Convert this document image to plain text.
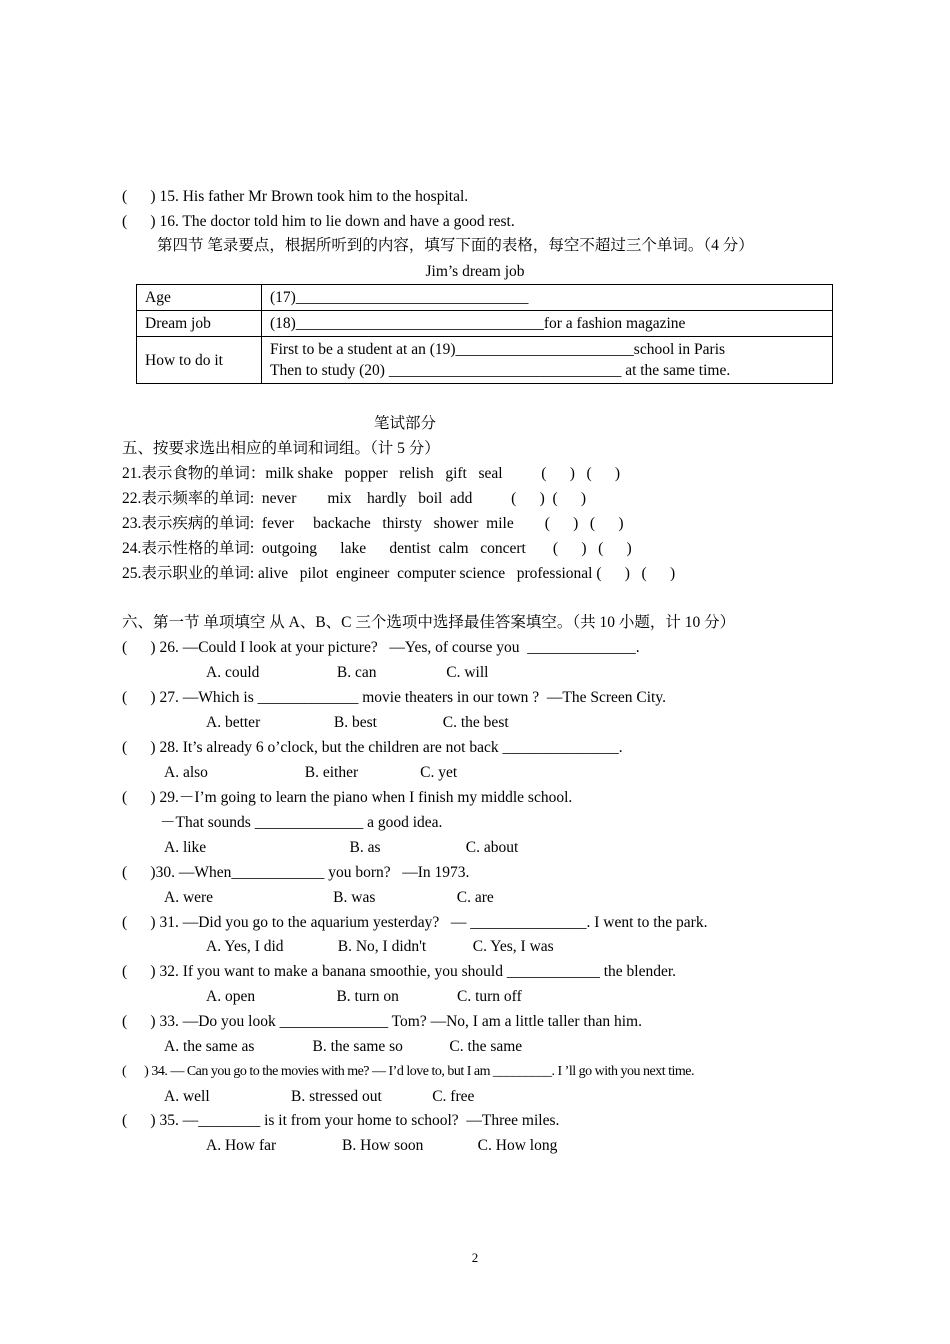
(      ) 15. His father Mr Brown took him to the hospital.
(      ) 16. The doctor told him to lie down and have a good rest.
第四节 笔录要点，根据所听到的内容，填写下面的表格，每空不超过三个单词。（4 分）
Jim’s dream job
Age	(17)______________________________
Dream job	(18)________________________________for a fashion magazine
How to do it	First to be a student at an (19)_______________________school in Paris
Then to study (20) ______________________________ at the same time.
笔试部分
五、按要求选出相应的单词和词组。（计 5 分）
21.表示食物的单词：milk shake   popper   relish   gift   seal          (      )   (      )
22.表示频率的单词:  never        mix    hardly   boil  add          (      )  (      )
23.表示疾病的单词:  fever     backache   thirsty   shower  mile        (      )   (      )
24.表示性格的单词:  outgoing      lake      dentist  calm   concert       (      )   (      )
25.表示职业的单词: alive   pilot  engineer  computer science   professional (      )   (      )
六、第一节 单项填空 从 A、B、C 三个选项中选择最佳答案填空。（共 10 小题，计 10 分）
(      ) 26. —Could I look at your picture?   —Yes, of course you  ______________.
A. could                    B. can                  C. will
(      ) 27. —Which is _____________ movie theaters in our town ?  —The Screen City.
A. better                   B. best                 C. the best
(      ) 28. It’s already 6 o’clock, but the children are not back _______________.
A. also                         B. either                C. yet
(      ) 29.－I’m going to learn the piano when I finish my middle school.
－That sounds ______________ a good idea.
A. like                                     B. as                      C. about
(      )30. —When____________ you born?   —In 1973.
A. were                               B. was                     C. are
(      ) 31. —Did you go to the aquarium yesterday?   — _______________. I went to the park.
A. Yes, I did              B. No, I didn't            C. Yes, I was
(      ) 32. If you want to make a banana smoothie, you should ____________ the blender.
A. open                     B. turn on               C. turn off
(      ) 33. —Do you look ______________ Tom? —No, I am a little taller than him.
A. the same as               B. the same so            C. the same
(      ) 34. — Can you go to the movies with me? — I’d love to, but I am _________. I ’ll go with you next time.
A. well                     B. stressed out             C. free
(      ) 35. —________ is it from your home to school?  —Three miles.
A. How far                 B. How soon              C. How long
2
